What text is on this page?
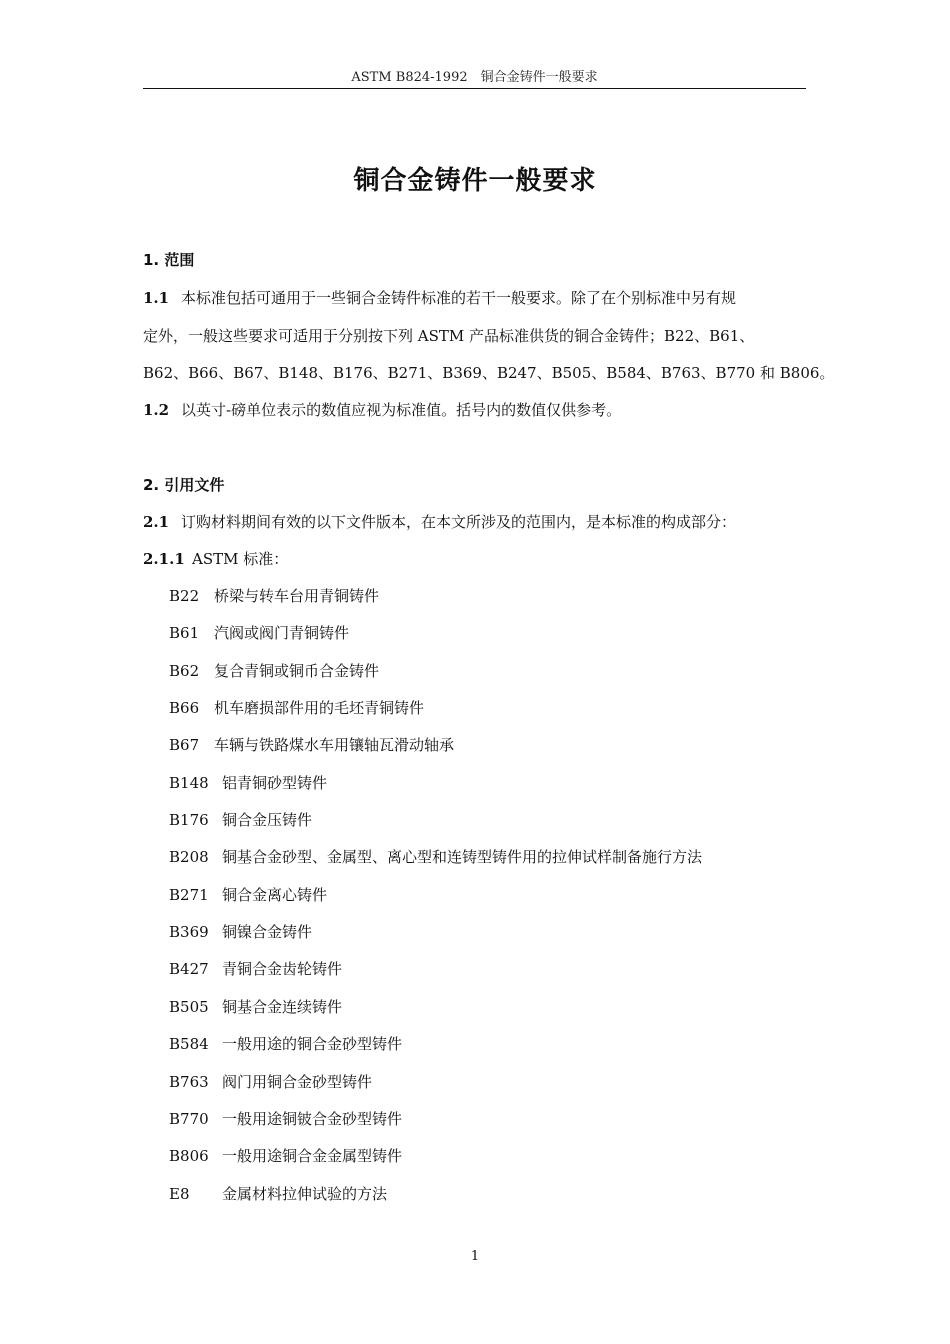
ASTM B824-1992　铜合金铸件一般要求
铜合金铸件一般要求
1. 范围
1.1 本标准包括可通用于一些铜合金铸件标准的若干一般要求。除了在个别标准中另有规
定外，一般这些要求可适用于分别按下列 ASTM 产品标准供货的铜合金铸件；B22、B61、
B62、B66、B67、B148、B176、B271、B369、B247、B505、B584、B763、B770 和 B806。
1.2 以英寸-磅单位表示的数值应视为标准值。括号内的数值仅供参考。
2. 引用文件
2.1 订购材料期间有效的以下文件版本，在本文所涉及的范围内，是本标准的构成部分：
2.1.1 ASTM 标准：
B22 桥梁与转车台用青铜铸件
B61 汽阀或阀门青铜铸件
B62 复合青铜或铜币合金铸件
B66 机车磨损部件用的毛坯青铜铸件
B67 车辆与铁路煤水车用镶轴瓦滑动轴承
B148 铝青铜砂型铸件
B176 铜合金压铸件
B208 铜基合金砂型、金属型、离心型和连铸型铸件用的拉伸试样制备施行方法
B271 铜合金离心铸件
B369 铜镍合金铸件
B427 青铜合金齿轮铸件
B505 铜基合金连续铸件
B584 一般用途的铜合金砂型铸件
B763 阀门用铜合金砂型铸件
B770 一般用途铜铍合金砂型铸件
B806 一般用途铜合金金属型铸件
E8 金属材料拉伸试验的方法
1
